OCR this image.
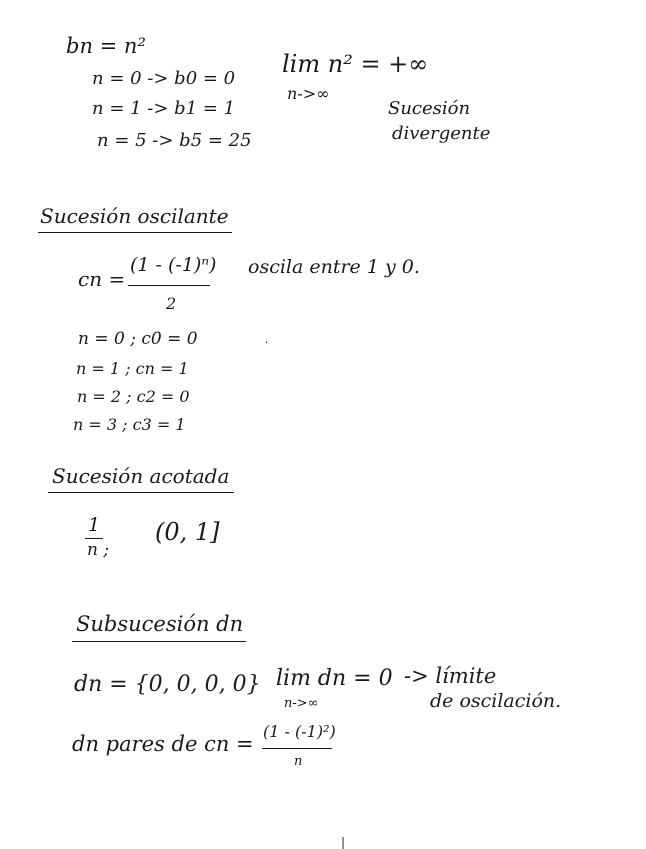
bn = n²
n = 0 -> b0 = 0
n = 1 -> b1 = 1
n = 5 -> b5 = 25
lim n² = +∞
n->∞
Sucesión
divergente
Sucesión oscilante
cn =
(1 - (-1)ⁿ)
2
oscila entre 1 y 0.
n = 0 ; c0 = 0
n = 1 ; cn = 1
n = 2 ; c2 = 0
n = 3 ; c3 = 1
Sucesión acotada
1
n ;
(0, 1]
Subsucesión dn
dn = {0, 0, 0, 0} lim dn = 0
n->∞
-> límite
de oscilación.
dn pares de cn =
(1 - (-1)²)
n
·
|
